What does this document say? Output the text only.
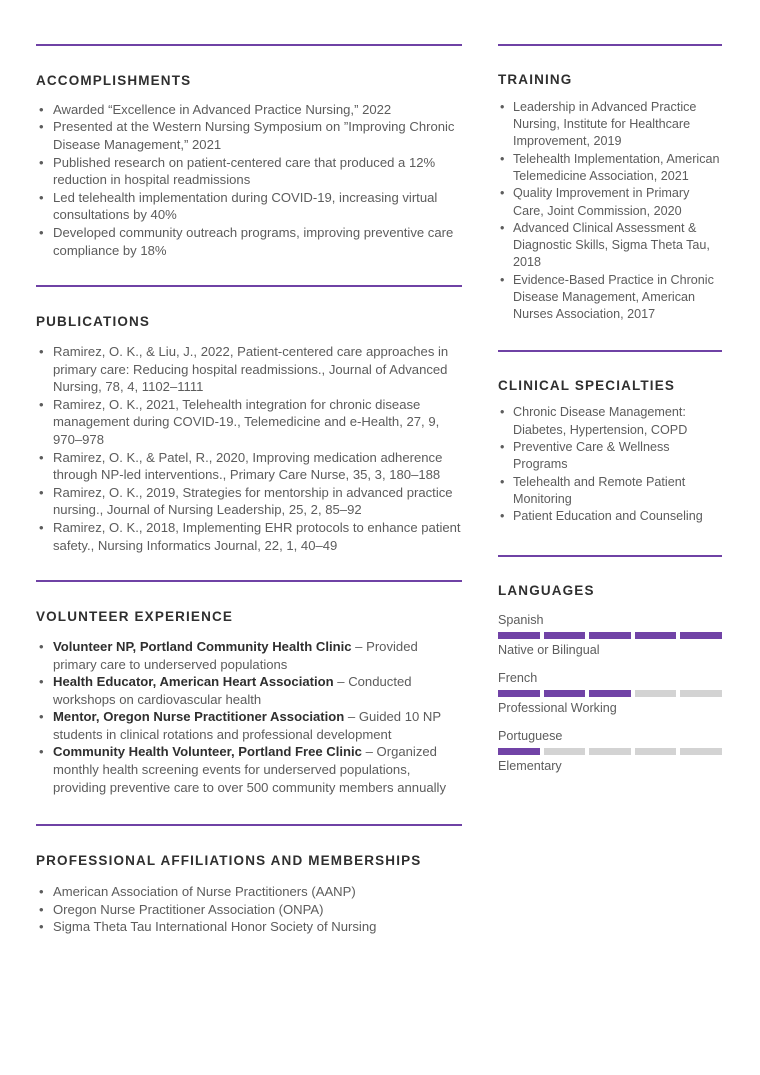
ACCOMPLISHMENTS
• Awarded “Excellence in Advanced Practice Nursing,” 2022
• Presented at the Western Nursing Symposium on ”Improving Chronic Disease Management,” 2021
• Published research on patient-centered care that produced a 12% reduction in hospital readmissions
• Led telehealth implementation during COVID-19, increasing virtual consultations by 40%
• Developed community outreach programs, improving preventive care compliance by 18%
PUBLICATIONS
• Ramirez, O. K., & Liu, J., 2022, Patient-centered care approaches in primary care: Reducing hospital readmissions., Journal of Advanced Nursing, 78, 4, 1102–1111
• Ramirez, O. K., 2021, Telehealth integration for chronic disease management during COVID-19., Telemedicine and e-Health, 27, 9, 970–978
• Ramirez, O. K., & Patel, R., 2020, Improving medication adherence through NP-led interventions., Primary Care Nurse, 35, 3, 180–188
• Ramirez, O. K., 2019, Strategies for mentorship in advanced practice nursing., Journal of Nursing Leadership, 25, 2, 85–92
• Ramirez, O. K., 2018, Implementing EHR protocols to enhance patient safety., Nursing Informatics Journal, 22, 1, 40–49
VOLUNTEER EXPERIENCE
• Volunteer NP, Portland Community Health Clinic – Provided primary care to underserved populations
• Health Educator, American Heart Association – Conducted workshops on cardiovascular health
• Mentor, Oregon Nurse Practitioner Association – Guided 10 NP students in clinical rotations and professional development
• Community Health Volunteer, Portland Free Clinic – Organized monthly health screening events for underserved populations, providing preventive care to over 500 community members annually
PROFESSIONAL AFFILIATIONS AND MEMBERSHIPS
• American Association of Nurse Practitioners (AANP)
• Oregon Nurse Practitioner Association (ONPA)
• Sigma Theta Tau International Honor Society of Nursing
TRAINING
• Leadership in Advanced Practice Nursing, Institute for Healthcare Improvement, 2019
• Telehealth Implementation, American Telemedicine Association, 2021
• Quality Improvement in Primary Care, Joint Commission, 2020
• Advanced Clinical Assessment & Diagnostic Skills, Sigma Theta Tau, 2018
• Evidence-Based Practice in Chronic Disease Management, American Nurses Association, 2017
CLINICAL SPECIALTIES
• Chronic Disease Management: Diabetes, Hypertension, COPD
• Preventive Care & Wellness Programs
• Telehealth and Remote Patient Monitoring
• Patient Education and Counseling
LANGUAGES
Spanish
Native or Bilingual
French
Professional Working
Portuguese
Elementary
